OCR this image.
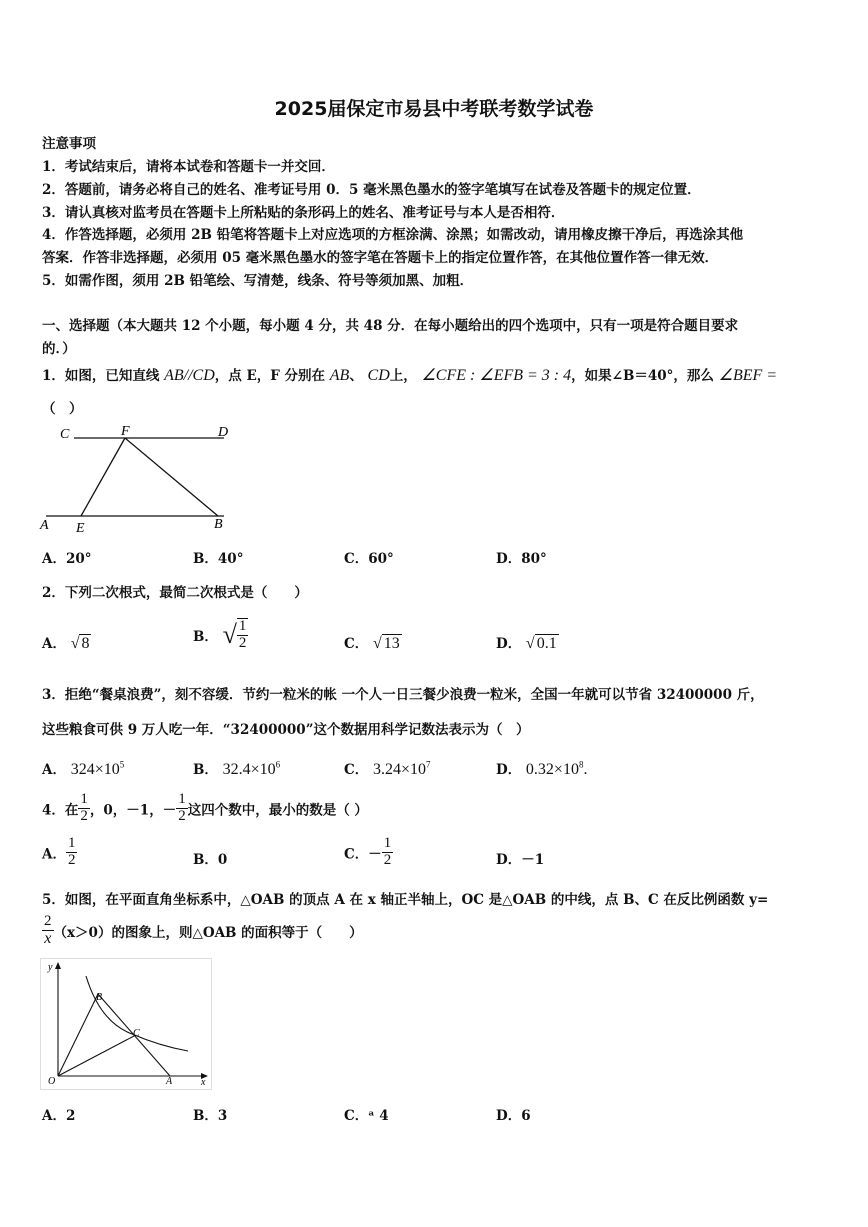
2025届保定市易县中考联考数学试卷
注意事项
1．考试结束后，请将本试卷和答题卡一并交回．
2．答题前，请务必将自己的姓名、准考证号用 0．5 毫米黑色墨水的签字笔填写在试卷及答题卡的规定位置．
3．请认真核对监考员在答题卡上所粘贴的条形码上的姓名、准考证号与本人是否相符．
4．作答选择题，必须用 2B 铅笔将答题卡上对应选项的方框涂满、涂黑；如需改动，请用橡皮擦干净后，再选涂其他
答案．作答非选择题，必须用 05 毫米黑色墨水的签字笔在答题卡上的指定位置作答，在其他位置作答一律无效．
5．如需作图，须用 2B 铅笔绘、写清楚，线条、符号等须加黑、加粗．
一、选择题（本大题共 12 个小题，每小题 4 分，共 48 分．在每小题给出的四个选项中，只有一项是符合题目要求
的．）
1．如图，已知直线 AB//CD，点 E，F 分别在 AB、 CD上， ∠CFE : ∠EFB = 3 : 4，如果∠B＝40°，那么 ∠BEF =
（　）
C	F	D
A E	B
A．20°	B．40°	C．60°	D．80°
2．下列二次根式，最简二次根式是（　　）
A． √ 8	B． √ $\frac{1}{2}$	C． √ 13	D． √ 0.1
3．拒绝“餐桌浪费”，刻不容缓．节约一粒米的帐 一个人一日三餐少浪费一粒米，全国一年就可以节省 32400000 斤，
这些粮食可供 9 万人吃一年．“32400000”这个数据用科学记数法表示为（　）
A． $324\times 10^5$	B． $32.4\times 10^6$	C． $3.24\times 10^7$	D． $0.32\times 10^8$.
4．在 $\frac{1}{2}$ ，0，－1，－ $\frac{1}{2}$ 这四个数中，最小的数是（ ）
A． $\frac{1}{2}$	B．0	C．－ $\frac{1}{2}$	D．－1
5．如图，在平面直角坐标系中，△OAB 的顶点 A 在 x 轴正半轴上，OC 是△OAB 的中线，点 B、C 在反比例函数 y=
$\frac{2}{x} (x>0)$的图象上，则△OAB 的面积等于（　　）
y
B
C
O	A	x
A．2	B．3	C．ᵃ 4	D．6
